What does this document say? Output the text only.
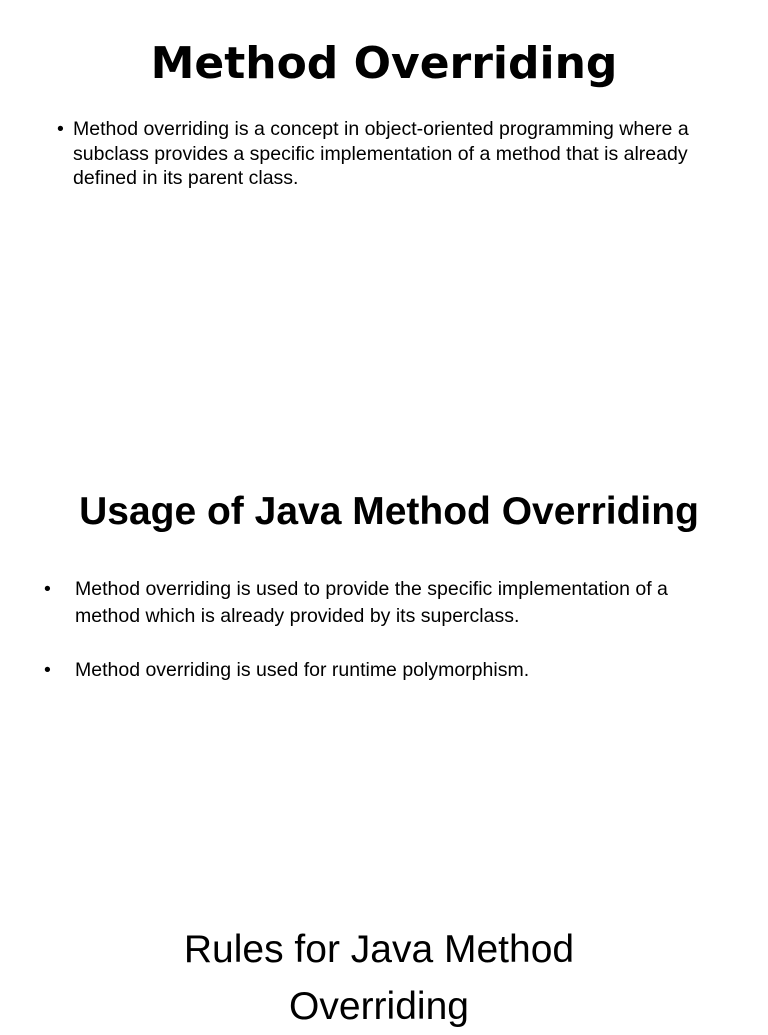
Method Overriding
• Method overriding is a concept in object-oriented programming where a subclass provides a specific implementation of a method that is already defined in its parent class.
Usage of Java Method Overriding
• Method overriding is used to provide the specific implementation of a method which is already provided by its superclass.
• Method overriding is used for runtime polymorphism.
Rules for Java Method
Overriding
